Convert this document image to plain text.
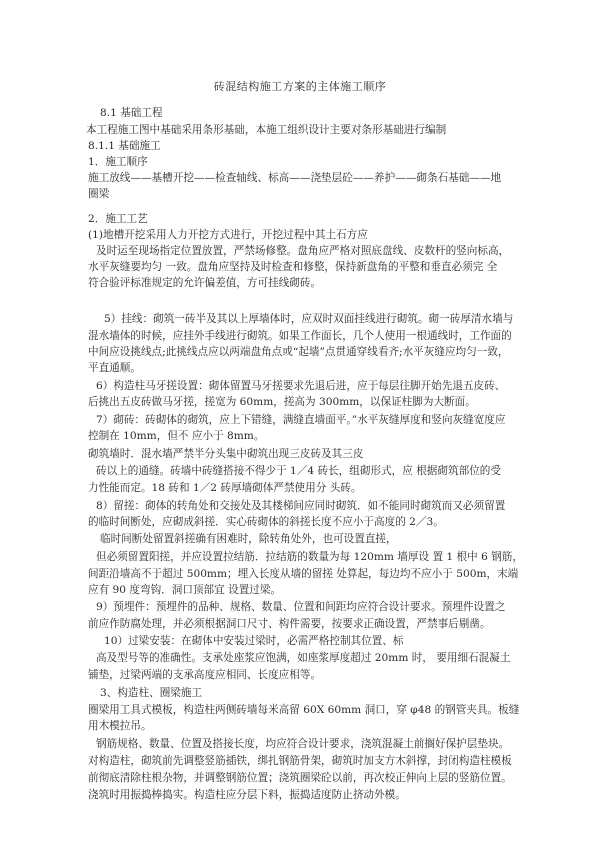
砖混结构施工方案的主体施工顺序
8.1 基础工程
本工程施工图中基础采用条形基础，本施工组织设计主要对条形基础进行编制
8.1.1 基础施工
1．施工顺序
施工放线——基槽开挖——检查轴线、标高——浇垫层砼——养护——砌条石基础——地
圈梁
2．施工工艺
(1)地槽开挖采用人力开挖方式进行，开挖过程中其土石方应
及时运至现场指定位置放置，严禁场修整。盘角应严格对照底盘线、皮数杆的竖向标高，
水平灰缝要均匀 一致。盘角应坚持及时检查和修整，保持新盘角的平整和垂直必须完 全
符合验评标准规定的允许偏差值，方可挂线砌砖。
5）挂线：砌筑一砖半及其以上厚墙体时，应双时双面挂线进行砌筑。砌一砖厚清水墙与
混水墙体的时候，应挂外手线进行砌筑。如果工作面长，几个人使用一根通线时，工作面的
中间应设挑线点;此挑线点应以两端盘角点或“起墙”点贯通穿线看齐;水平灰缝应均匀一致，
平直通顺。
6）构造柱马牙搓设置：砌体留置马牙搓要求先退后进，应于每层往脚开始先退五皮砖、
后挑出五皮砖做马牙搓，搓宽为 60mm，搓高为 300mm，以保证柱脚为大断面。
7）砌砖：砖砌体的砌筑，应上下错缝，满缝直墙面平。”水平灰缝厚度和竖向灰缝宽度应
控制在 10mm，但不 应小于 8mm。
砌筑墙时．混水墙严禁半分头集中砌筑出现三皮砖及其三皮
砖以上的通缝。砖墙中砖缝搭接不得少于 1／4 砖长，组砌形式，应 根据砌筑部位的受
力性能而定。18 砖和 1／2 砖厚墙砌体严禁使用分 头砖。
8）留搓：砌体的转角处和交接处及其楼梯间应同时砌筑．如不能同时砌筑而又必须留置
的临时间断处，应砌成斜搓．实心砖砌体的斜搓长度不应小于高度的 2／3。
临时间断处留置斜搓确有困难时，除转角处外，也可设置直搓，
但必须留置阳搓，并应设置拉结筋．拉结筋的数量为每 120mm 墙厚设 置 1 根中 6 钢筋，
间距沿墙高不于超过 500mm；埋入长度从墙的留搓 处算起，每边均不应小于 500m，末端
应有 90 度弯钩．洞口顶部宜 设置过梁。
9）预埋件：预埋件的品种、规格、数量、位置和间距均应符合设计要求。预埋件设置之
前应作防腐处理，并必须根据洞口尺寸、构件需要，按要求正确设置，严禁事后剔凿。
10）过梁安装：在砌体中安装过梁时，必需严格控制其位置、标
高及型号等的准确性。支承处座浆应饱满，如座浆厚度超过 20mm 时， 要用细石混凝土
铺垫，过梁两端的支承高度应相同、长度应相等。
3、构造柱、圈梁施工
圈梁用工具式模板，构造柱两侧砖墙每米高留 60X 60mm 洞口，穿 φ48 的钢管夹具。板缝
用木模拉吊。
钢筋规格、数量、位置及搭接长度，均应符合设计要求，浇筑混凝土前搁好保护层垫块。
对构造柱，砌筑前先调整竖筋插铁，绑扎钢筋骨架，砌筑时加支方木斜撑，封闭构造柱模板
前彻底清除柱根杂物，并调整钢筋位置；浇筑圈梁砼以前，再次校正伸向上层的竖筋位置。
浇筑时用振捣棒捣实。构造柱应分层下料，振捣适度防止挤动外模。
